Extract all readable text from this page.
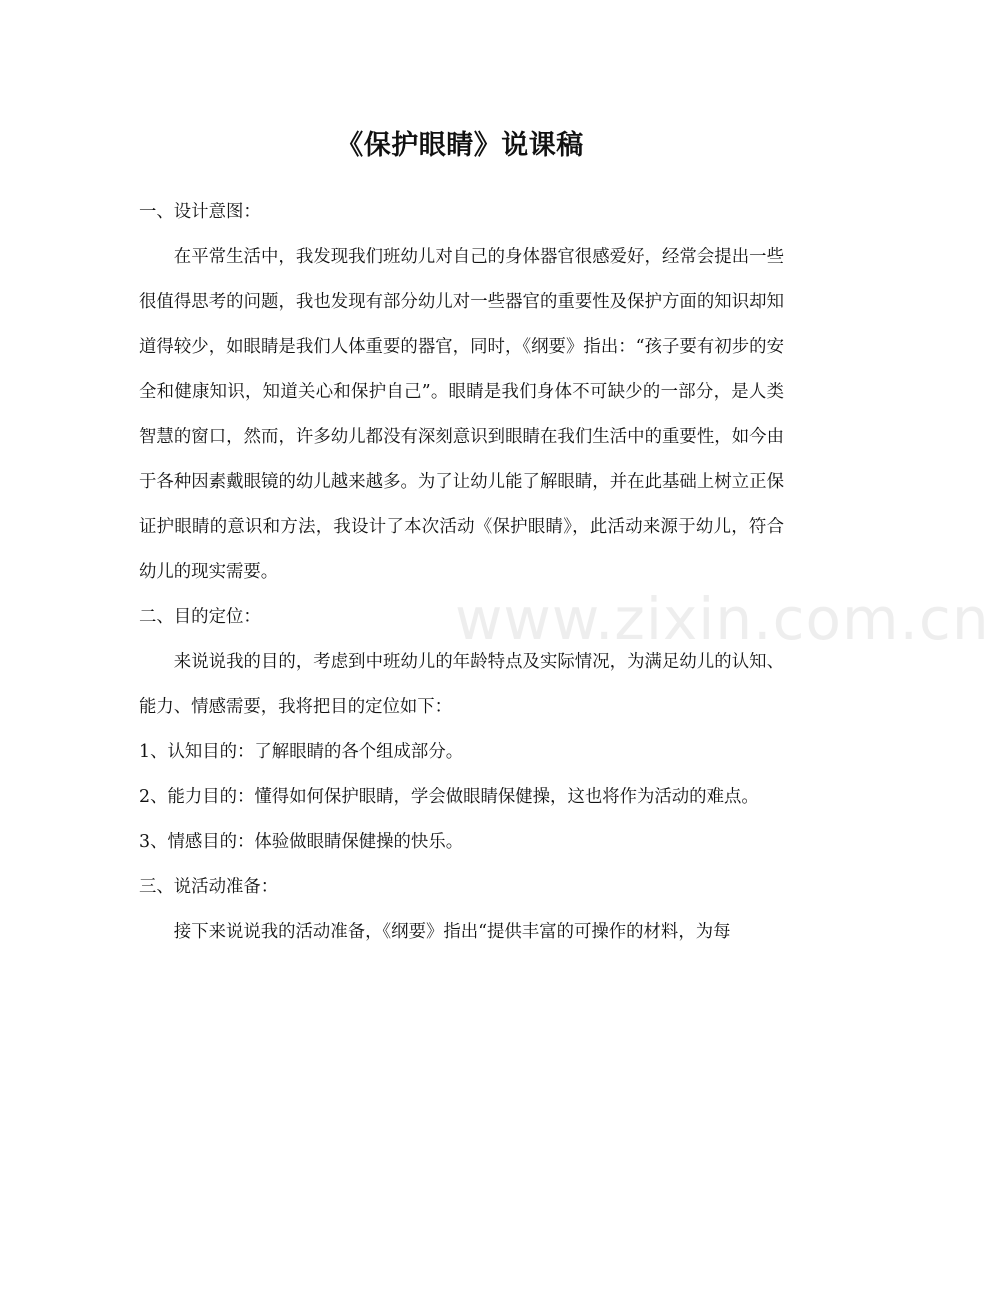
《保护眼睛》说课稿

一、设计意图：

在平常生活中，我发现我们班幼儿对自己的身体器官很感爱好，经常会提出一些很值得思考的问题，我也发现有部分幼儿对一些器官的重要性及保护方面的知识却知道得较少，如眼睛是我们人体重要的器官，同时，《纲要》指出：“孩子要有初步的安全和健康知识，知道关心和保护自己”。眼睛是我们身体不可缺少的一部分，是人类智慧的窗口，然而，许多幼儿都没有深刻意识到眼睛在我们生活中的重要性，如今由于各种因素戴眼镜的幼儿越来越多。为了让幼儿能了解眼睛，并在此基础上树立正保证护眼睛的意识和方法，我设计了本次活动《保护眼睛》，此活动来源于幼儿，符合幼儿的现实需要。

二、目的定位：

来说说我的目的，考虑到中班幼儿的年龄特点及实际情况，为满足幼儿的认知、能力、情感需要，我将把目的定位如下：

1、认知目的：了解眼睛的各个组成部分。

2、能力目的：懂得如何保护眼睛，学会做眼睛保健操，这也将作为活动的难点。

3、情感目的：体验做眼睛保健操的快乐。

三、说活动准备：

接下来说说我的活动准备，《纲要》指出“提供丰富的可操作的材料，为每

www.zixin.com.cn
